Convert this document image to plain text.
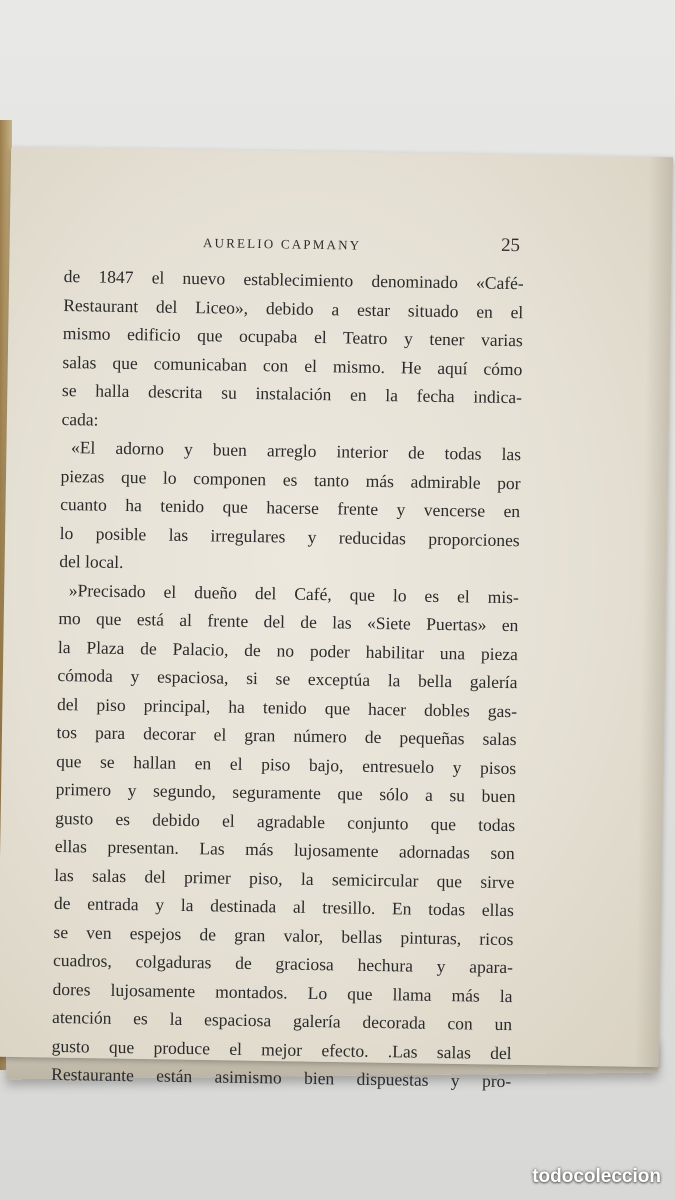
AURELIO CAPMANY	25
de 1847 el nuevo establecimiento denominado «Café-
Restaurant del Liceo», debido a estar situado en el
mismo edificio que ocupaba el Teatro y tener varias
salas que comunicaban con el mismo. He aquí cómo
se halla descrita su instalación en la fecha indica-
cada:
«El adorno y buen arreglo interior de todas las
piezas que lo componen es tanto más admirable por
cuanto ha tenido que hacerse frente y vencerse en
lo posible las irregulares y reducidas proporciones
del local.
»Precisado el dueño del Café, que lo es el mis-
mo que está al frente del de las «Siete Puertas» en
la Plaza de Palacio, de no poder habilitar una pieza
cómoda y espaciosa, si se exceptúa la bella galería
del piso principal, ha tenido que hacer dobles gas-
tos para decorar el gran número de pequeñas salas
que se hallan en el piso bajo, entresuelo y pisos
primero y segundo, seguramente que sólo a su buen
gusto es debido el agradable conjunto que todas
ellas presentan. Las más lujosamente adornadas son
las salas del primer piso, la semicircular que sirve
de entrada y la destinada al tresillo. En todas ellas
se ven espejos de gran valor, bellas pinturas, ricos
cuadros, colgaduras de graciosa hechura y apara-
dores lujosamente montados. Lo que llama más la
atención es la espaciosa galería decorada con un
gusto que produce el mejor efecto. .Las salas del
Restaurante están asimismo bien dispuestas y pro-
todocoleccion
